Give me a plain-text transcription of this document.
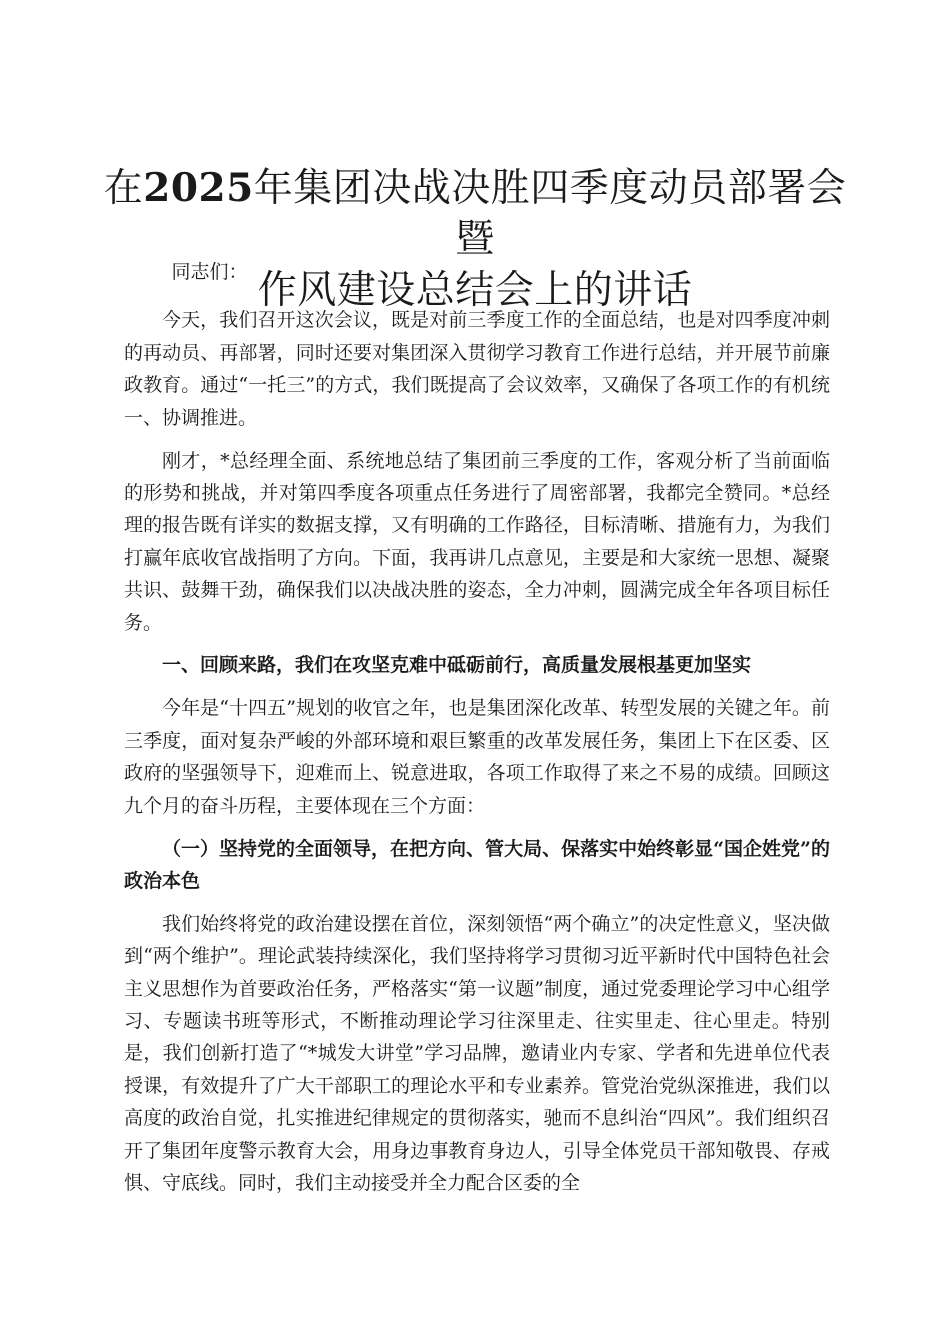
在2025年集团决战决胜四季度动员部署会暨
作风建设总结会上的讲话

同志们：

今天，我们召开这次会议，既是对前三季度工作的全面总结，也是对四季度冲刺的再动员、再部署，同时还要对集团深入贯彻学习教育工作进行总结，并开展节前廉政教育。通过“一托三”的方式，我们既提高了会议效率，又确保了各项工作的有机统一、协调推进。

刚才，*总经理全面、系统地总结了集团前三季度的工作，客观分析了当前面临的形势和挑战，并对第四季度各项重点任务进行了周密部署，我都完全赞同。*总经理的报告既有详实的数据支撑，又有明确的工作路径，目标清晰、措施有力，为我们打赢年底收官战指明了方向。下面，我再讲几点意见，主要是和大家统一思想、凝聚共识、鼓舞干劲，确保我们以决战决胜的姿态，全力冲刺，圆满完成全年各项目标任务。

一、回顾来路，我们在攻坚克难中砥砺前行，高质量发展根基更加坚实

今年是“十四五”规划的收官之年，也是集团深化改革、转型发展的关键之年。前三季度，面对复杂严峻的外部环境和艰巨繁重的改革发展任务，集团上下在区委、区政府的坚强领导下，迎难而上、锐意进取，各项工作取得了来之不易的成绩。回顾这九个月的奋斗历程，主要体现在三个方面：

（一）坚持党的全面领导，在把方向、管大局、保落实中始终彰显“国企姓党”的政治本色

我们始终将党的政治建设摆在首位，深刻领悟“两个确立”的决定性意义，坚决做到“两个维护”。理论武装持续深化，我们坚持将学习贯彻习近平新时代中国特色社会主义思想作为首要政治任务，严格落实“第一议题”制度，通过党委理论学习中心组学习、专题读书班等形式，不断推动理论学习往深里走、往实里走、往心里走。特别是，我们创新打造了“*城发大讲堂”学习品牌，邀请业内专家、学者和先进单位代表授课，有效提升了广大干部职工的理论水平和专业素养。管党治党纵深推进，我们以高度的政治自觉，扎实推进纪律规定的贯彻落实，驰而不息纠治“四风”。我们组织召开了集团年度警示教育大会，用身边事教育身边人，引导全体党员干部知敬畏、存戒惧、守底线。同时，我们主动接受并全力配合区委的全
